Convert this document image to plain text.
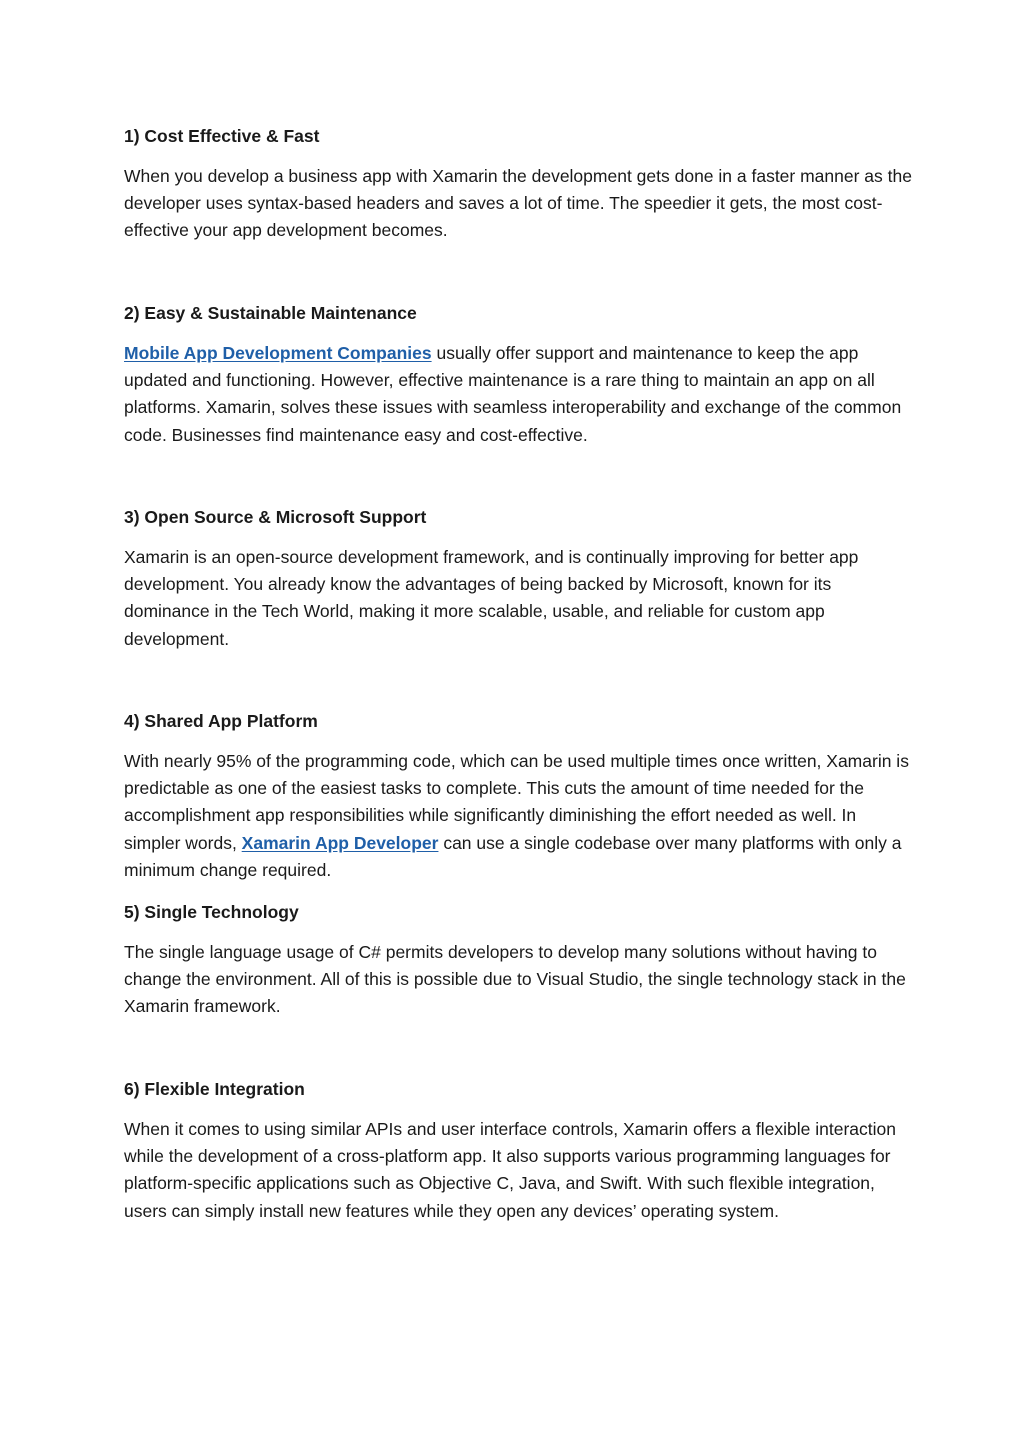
1) Cost Effective & Fast

When you develop a business app with Xamarin the development gets done in a faster manner as the developer uses syntax-based headers and saves a lot of time. The speedier it gets, the most cost-effective your app development becomes.

2) Easy & Sustainable Maintenance

Mobile App Development Companies usually offer support and maintenance to keep the app updated and functioning. However, effective maintenance is a rare thing to maintain an app on all platforms. Xamarin, solves these issues with seamless interoperability and exchange of the common code. Businesses find maintenance easy and cost-effective.

3) Open Source & Microsoft Support

Xamarin is an open-source development framework, and is continually improving for better app development. You already know the advantages of being backed by Microsoft, known for its dominance in the Tech World, making it more scalable, usable, and reliable for custom app development.

4) Shared App Platform

With nearly 95% of the programming code, which can be used multiple times once written, Xamarin is predictable as one of the easiest tasks to complete. This cuts the amount of time needed for the accomplishment app responsibilities while significantly diminishing the effort needed as well. In simpler words, Xamarin App Developer can use a single codebase over many platforms with only a minimum change required.

5) Single Technology

The single language usage of C# permits developers to develop many solutions without having to change the environment. All of this is possible due to Visual Studio, the single technology stack in the Xamarin framework.

6) Flexible Integration

When it comes to using similar APIs and user interface controls, Xamarin offers a flexible interaction while the development of a cross-platform app. It also supports various programming languages for platform-specific applications such as Objective C, Java, and Swift. With such flexible integration, users can simply install new features while they open any devices’ operating system.
